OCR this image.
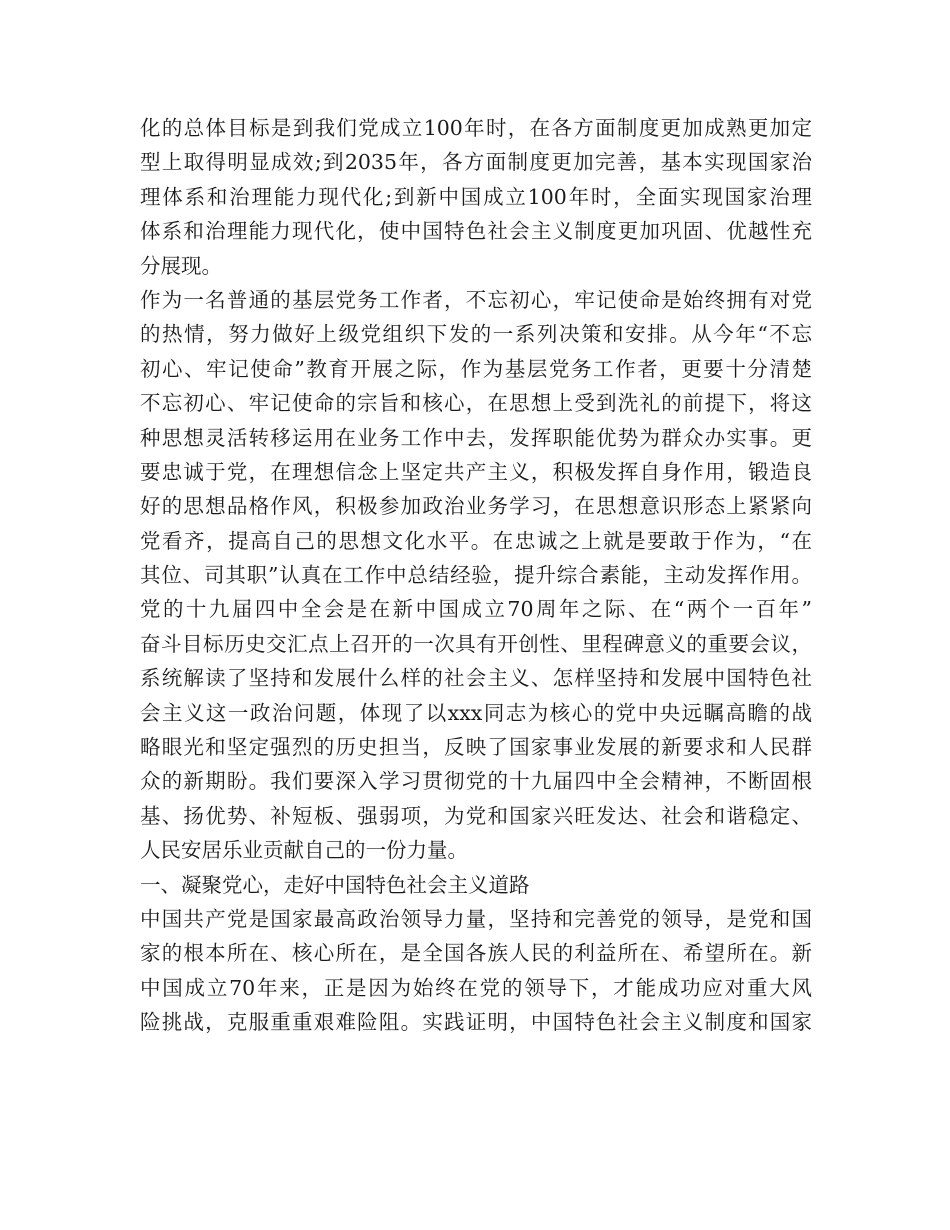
化的总体目标是到我们党成立100年时，在各方面制度更加成熟更加定
型上取得明显成效;到2035年，各方面制度更加完善，基本实现国家治
理体系和治理能力现代化;到新中国成立100年时，全面实现国家治理
体系和治理能力现代化，使中国特色社会主义制度更加巩固、优越性充
分展现。
作为一名普通的基层党务工作者，不忘初心，牢记使命是始终拥有对党
的热情，努力做好上级党组织下发的一系列决策和安排。从今年“不忘
初心、牢记使命”教育开展之际，作为基层党务工作者，更要十分清楚
不忘初心、牢记使命的宗旨和核心，在思想上受到洗礼的前提下，将这
种思想灵活转移运用在业务工作中去，发挥职能优势为群众办实事。更
要忠诚于党，在理想信念上坚定共产主义，积极发挥自身作用，锻造良
好的思想品格作风，积极参加政治业务学习，在思想意识形态上紧紧向
党看齐，提高自己的思想文化水平。在忠诚之上就是要敢于作为，“在
其位、司其职”认真在工作中总结经验，提升综合素能，主动发挥作用。
党的十九届四中全会是在新中国成立70周年之际、在“两个一百年”
奋斗目标历史交汇点上召开的一次具有开创性、里程碑意义的重要会议，
系统解读了坚持和发展什么样的社会主义、怎样坚持和发展中国特色社
会主义这一政治问题，体现了以xxx同志为核心的党中央远瞩高瞻的战
略眼光和坚定强烈的历史担当，反映了国家事业发展的新要求和人民群
众的新期盼。我们要深入学习贯彻党的十九届四中全会精神，不断固根
基、扬优势、补短板、强弱项，为党和国家兴旺发达、社会和谐稳定、
人民安居乐业贡献自己的一份力量。
一、凝聚党心，走好中国特色社会主义道路
中国共产党是国家最高政治领导力量，坚持和完善党的领导，是党和国
家的根本所在、核心所在，是全国各族人民的利益所在、希望所在。新
中国成立70年来，正是因为始终在党的领导下，才能成功应对重大风
险挑战，克服重重艰难险阻。实践证明，中国特色社会主义制度和国家
